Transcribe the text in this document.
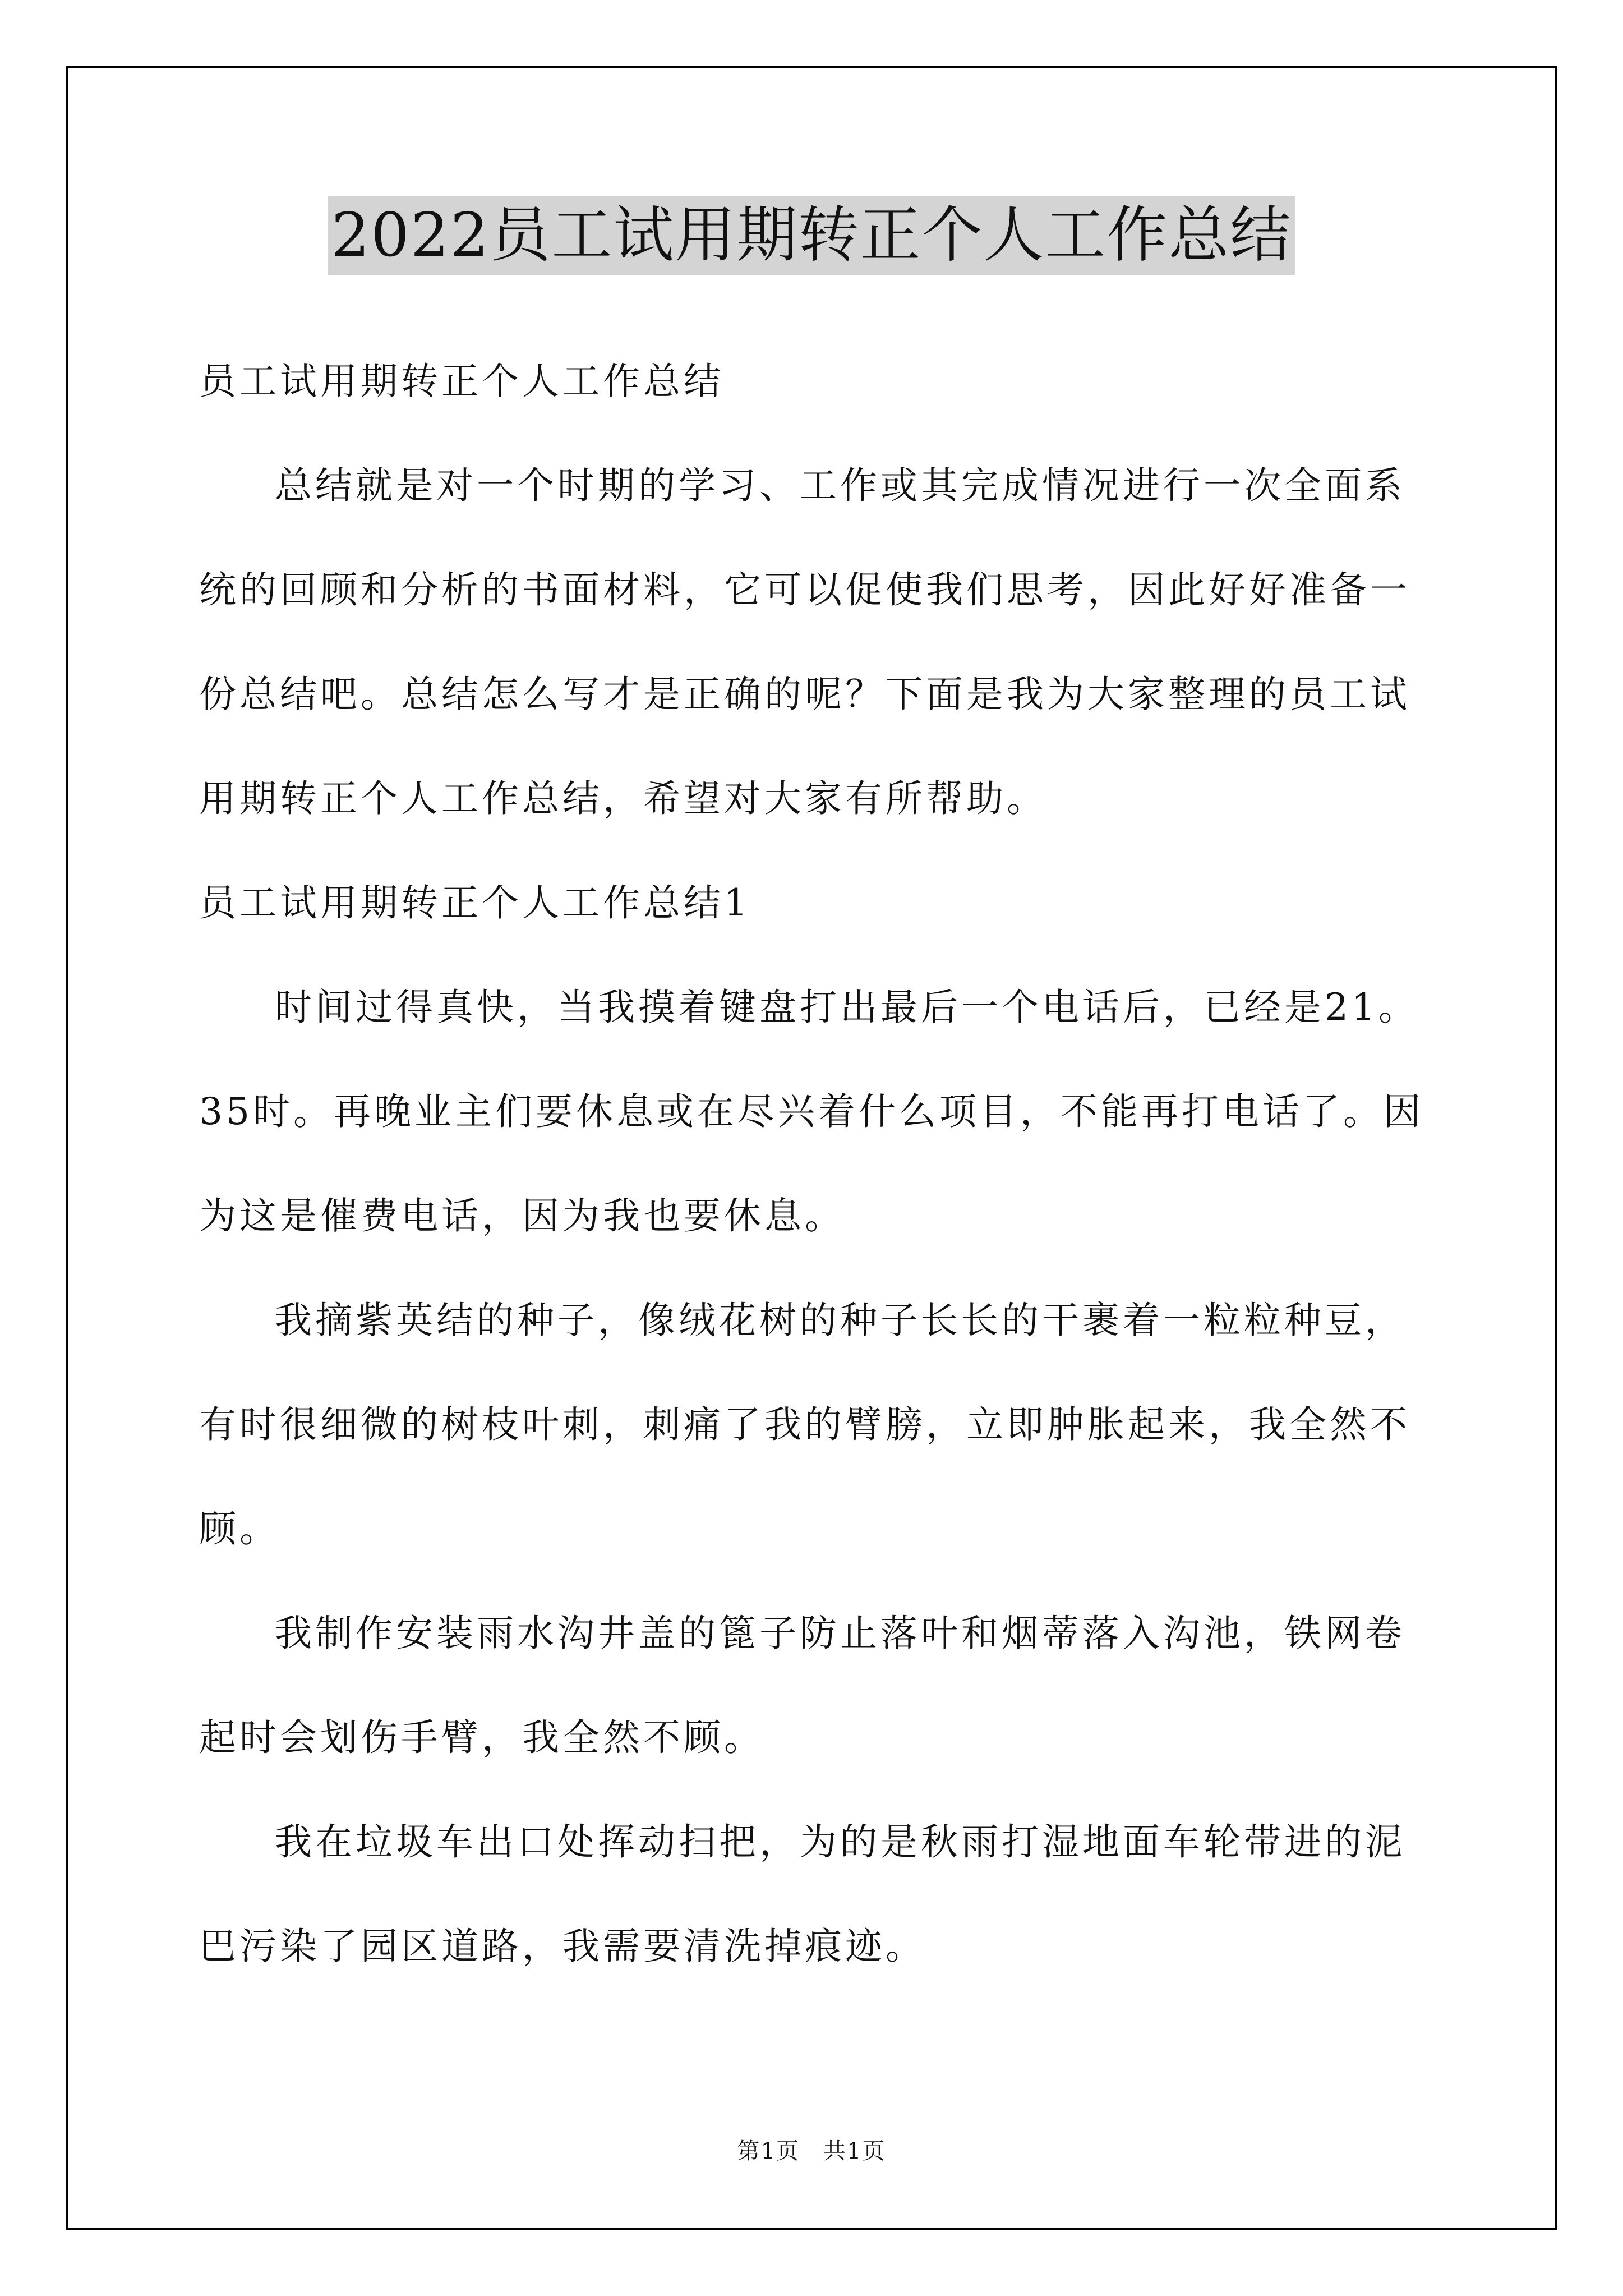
2022员工试用期转正个人工作总结
员工试用期转正个人工作总结
总结就是对一个时期的学习、工作或其完成情况进行一次全面系
统的回顾和分析的书面材料，它可以促使我们思考，因此好好准备一
份总结吧。总结怎么写才是正确的呢？下面是我为大家整理的员工试
用期转正个人工作总结，希望对大家有所帮助。
员工试用期转正个人工作总结1
时间过得真快，当我摸着键盘打出最后一个电话后，已经是21。
35时。再晚业主们要休息或在尽兴着什么项目，不能再打电话了。因
为这是催费电话，因为我也要休息。
我摘紫英结的种子，像绒花树的种子长长的干裹着一粒粒种豆，
有时很细微的树枝叶刺，刺痛了我的臂膀，立即肿胀起来，我全然不
顾。
我制作安装雨水沟井盖的篦子防止落叶和烟蒂落入沟池，铁网卷
起时会划伤手臂，我全然不顾。
我在垃圾车出口处挥动扫把，为的是秋雨打湿地面车轮带进的泥
巴污染了园区道路，我需要清洗掉痕迹。
第1页　共1页
